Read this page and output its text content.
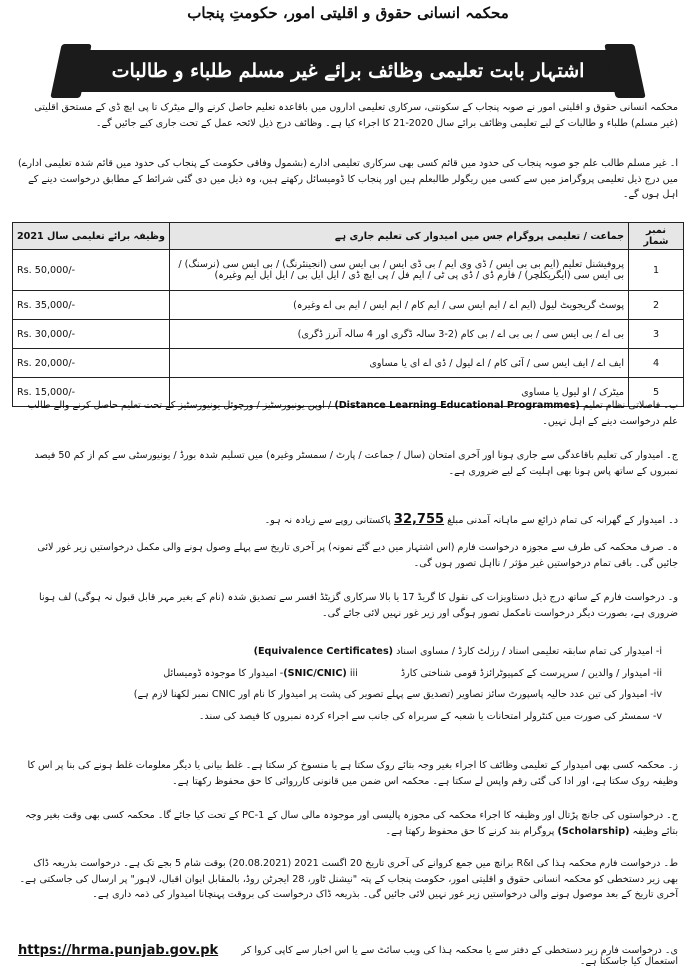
محکمہ انسانی حقوق و اقلیتی امور، حکومتِ پنجاب
اشتہار بابت تعلیمی وظائف برائے غیر مسلم طلباء و طالبات
محکمہ انسانی حقوق و اقلیتی امور نے صوبہ پنجاب کے سکونتی، سرکاری تعلیمی اداروں میں باقاعدہ تعلیم حاصل کرنے والے میٹرک تا پی ایچ ڈی کے مستحق اقلیتی (غیر مسلم) طلباء و طالبات کے لیے تعلیمی وظائف برائے سال 2020-21 کا اجراء کیا ہے۔ وظائف درج ذیل لائحہ عمل کے تحت جاری کیے جائیں گے۔
ا۔ غیر مسلم طالب علم جو صوبہ پنجاب کی حدود میں قائم کسی بھی سرکاری تعلیمی ادارے (بشمول وفاقی حکومت کے پنجاب کی حدود میں قائم شدہ تعلیمی ادارے) میں درج ذیل تعلیمی پروگرامز میں سے کسی میں ریگولر طالبعلم ہیں اور پنجاب کا ڈومیسائل رکھتے ہیں، وہ ذیل میں دی گئی شرائط کے مطابق درخواست دینے کے اہل ہوں گے۔
نمبر شمار	جماعت / تعلیمی پروگرام جس میں امیدوار کی تعلیم جاری ہے	وظیفہ برائے تعلیمی سال 2021
1	پروفیشنل تعلیم (ایم بی بی ایس / ڈی وی ایم / بی ڈی ایس / بی ایس سی (انجینئرنگ) / بی ایس سی (نرسنگ) / بی ایس سی (ایگریکلچر) / فارم ڈی / ڈی پی ٹی / ایم فل / پی ایچ ڈی / ایل ایل بی / ایل ایل ایم وغیرہ)	Rs. 50,000/-
2	پوسٹ گریجویٹ لیول (ایم اے / ایم ایس سی / ایم کام / ایم ایس / ایم بی اے وغیرہ)	Rs. 35,000/-
3	بی اے / بی ایس سی / بی بی اے / بی کام (2-3 سالہ ڈگری اور 4 سالہ آنرز ڈگری)	Rs. 30,000/-
4	ایف اے / ایف ایس سی / آئی کام / اے لیول / ڈی اے ای یا مساوی	Rs. 20,000/-
5	میٹرک / او لیول یا مساوی	Rs. 15,000/-
ب۔ فاصلاتی نظام تعلیم (Distance Learning Educational Programmes) / اوپن یونیورسٹیز / ورچوئل یونیورسٹیز کے تحت تعلیم حاصل کرنے والے طالب علم درخواست دینے کے اہل نہیں۔
ج۔ امیدوار کی تعلیم باقاعدگی سے جاری ہونا اور آخری امتحان (سال / جماعت / پارٹ / سمسٹر وغیرہ) میں تسلیم شدہ بورڈ / یونیورسٹی سے کم از کم 50 فیصد نمبروں کے ساتھ پاس ہونا بھی اہلیت کے لیے ضروری ہے۔
د۔ امیدوار کے گھرانہ کی تمام ذرائع سے ماہانہ آمدنی مبلغ 32,755 پاکستانی روپے سے زیادہ نہ ہو۔
ہ۔ صرف محکمہ کی طرف سے مجوزہ درخواست فارم (اس اشتہار میں دیے گئے نمونہ) پر آخری تاریخ سے پہلے وصول ہونے والی مکمل درخواستیں زیر غور لائی جائیں گی۔ باقی تمام درخواستیں غیر مؤثر / نااہل تصور ہوں گی۔
و۔ درخواست فارم کے ساتھ درج ذیل دستاویزات کی نقول کا گریڈ 17 یا بالا سرکاری گزیٹڈ افسر سے تصدیق شدہ (نام کے بغیر مہر قابل قبول نہ ہوگی) لف ہونا ضروری ہے، بصورت دیگر درخواست نامکمل تصور ہوگی اور زیر غور نہیں لائی جائے گی۔
i- امیدوار کی تمام سابقہ تعلیمی اسناد / رزلٹ کارڈ / مساوی اسناد (Equivalence Certificates)
ii- امیدوار / والدین / سرپرست کے کمپیوٹرائزڈ قومی شناختی کارڈ (SNIC/CNIC) iii- امیدوار کا موجودہ ڈومیسائل
iv- امیدوار کی تین عدد حالیہ پاسپورٹ سائز تصاویر (تصدیق سے پہلے تصویر کی پشت پر امیدوار کا نام اور CNIC نمبر لکھنا لازم ہے)
v- سمسٹر کی صورت میں کنٹرولر امتحانات یا شعبہ کے سربراہ کی جانب سے اجراء کردہ نمبروں کا فیصد کی سند۔
ز۔ محکمہ کسی بھی امیدوار کے تعلیمی وظائف کا اجراء بغیر وجہ بتائے روک سکتا ہے یا منسوخ کر سکتا ہے۔ غلط بیانی یا دیگر معلومات غلط ہونے کی بنا پر اس کا وظیفہ روک سکتا ہے، اور ادا کی گئی رقم واپس لے سکتا ہے۔ محکمہ اس ضمن میں قانونی کارروائی کا حق محفوظ رکھتا ہے۔
ح۔ درخواستوں کی جانچ پڑتال اور وظیفہ کا اجراء محکمہ کی مجوزہ پالیسی اور موجودہ مالی سال کے PC-1 کے تحت کیا جائے گا۔ محکمہ کسی بھی وقت بغیر وجہ بتائے وظیفہ (Scholarship) پروگرام بند کرنے کا حق محفوظ رکھتا ہے۔
ط۔ درخواست فارم محکمہ ہذا کی R&I برانچ میں جمع کروانے کی آخری تاریخ 20 اگست 2021 (20.08.2021) بوقت شام 5 بجے تک ہے۔ درخواست بذریعہ ڈاک بھی زیر دستخطی کو محکمہ انسانی حقوق و اقلیتی امور، حکومت پنجاب کے پتہ "نیشنل ٹاور، 28 ایجرٹن روڈ، بالمقابل ایوان اقبال، لاہور" پر ارسال کی جاسکتی ہے۔ آخری تاریخ کے بعد موصول ہونے والی درخواستیں زیر غور نہیں لائی جائیں گی۔ بذریعہ ڈاک درخواست کی بروقت پہنچانا امیدوار کی ذمہ داری ہے۔
ی۔ درخواست فارم زیر دستخطی کے دفتر سے یا محکمہ ہذا کی ویب سائٹ سے یا اس اخبار سے کاپی کروا کر استعمال کیا جاسکتا ہے۔
https://hrma.punjab.gov.pk
